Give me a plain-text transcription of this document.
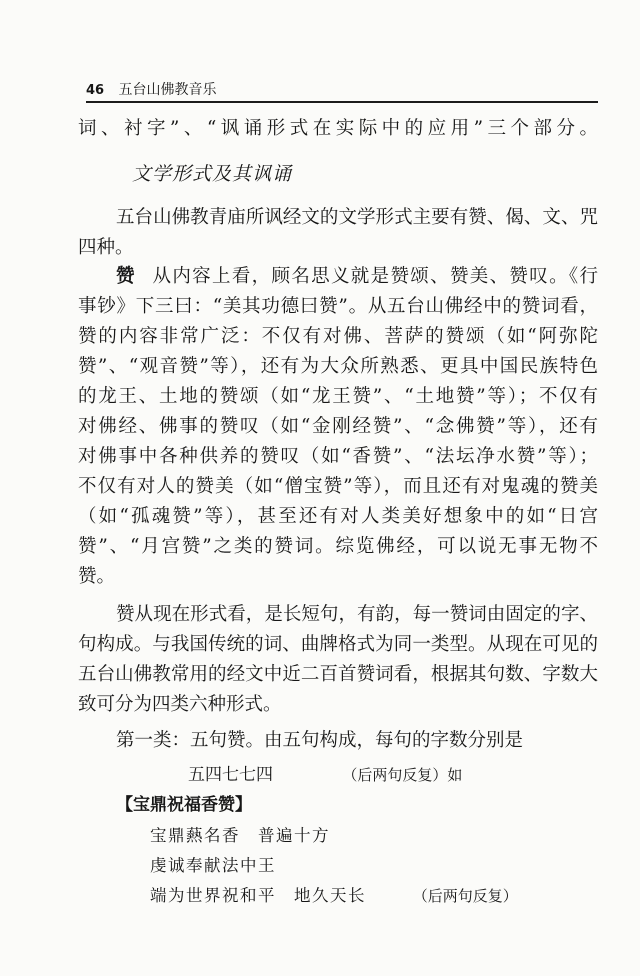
46 五台山佛教音乐
词、衬字”、“讽诵形式在实际中的应用”三个部分。
文学形式及其讽诵
五台山佛教青庙所讽经文的文学形式主要有赞、偈、文、咒
四种。
赞 从内容上看，顾名思义就是赞颂、赞美、赞叹。《行
事钞》下三曰：“美其功德曰赞”。从五台山佛经中的赞词看，
赞的内容非常广泛：不仅有对佛、菩萨的赞颂（如“阿弥陀
赞”、“观音赞”等），还有为大众所熟悉、更具中国民族特色
的龙王、土地的赞颂（如“龙王赞”、“土地赞”等）；不仅有
对佛经、佛事的赞叹（如“金刚经赞”、“念佛赞”等），还有
对佛事中各种供养的赞叹（如“香赞”、“法坛净水赞”等）；
不仅有对人的赞美（如“僧宝赞”等），而且还有对鬼魂的赞美
（如“孤魂赞”等），甚至还有对人类美好想象中的如“日宫
赞”、“月宫赞”之类的赞词。综览佛经，可以说无事无物不
赞。
赞从现在形式看，是长短句，有韵，每一赞词由固定的字、
句构成。与我国传统的词、曲牌格式为同一类型。从现在可见的
五台山佛教常用的经文中近二百首赞词看，根据其句数、字数大
致可分为四类六种形式。
第一类：五句赞。由五句构成，每句的字数分别是
五四七七四	（后两句反复）如
【宝鼎祝福香赞】
宝鼎爇名香　普遍十方
虔诚奉献法中王
端为世界祝和平　地久天长	（后两句反复）
